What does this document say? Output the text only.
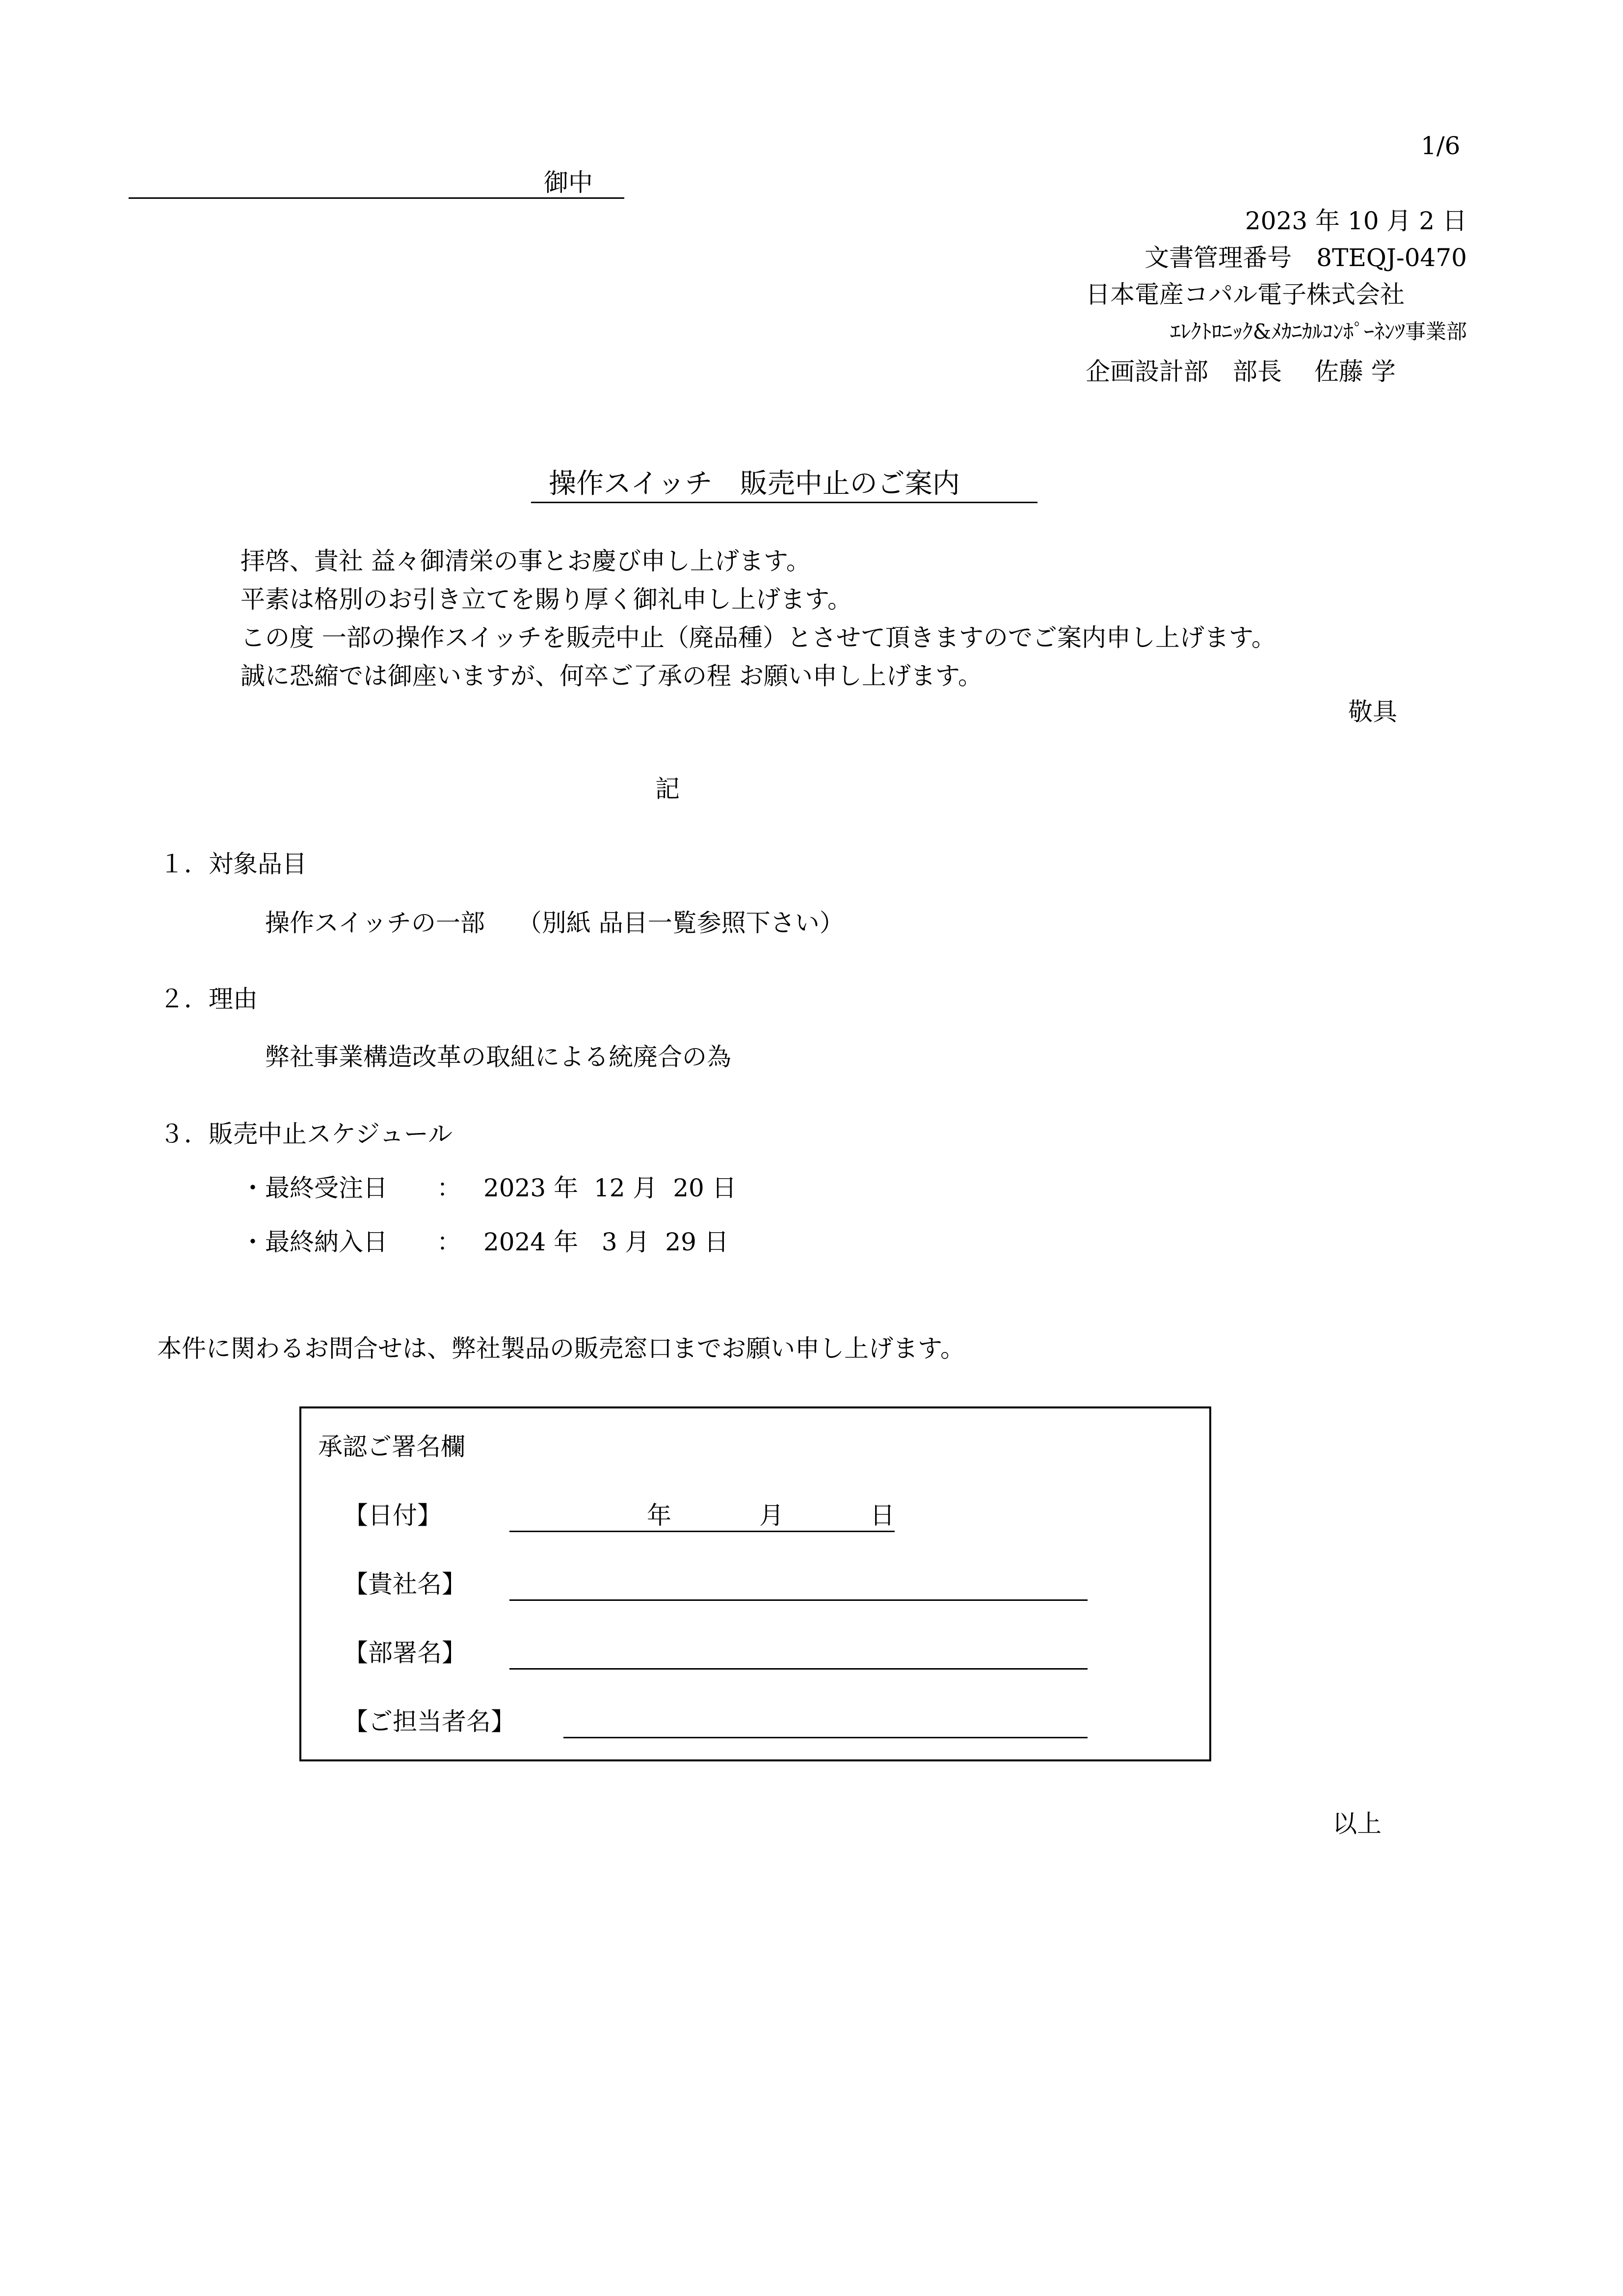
1/6
御中
2023 年 10 月 2 日
文書管理番号　8TEQJ-0470
日本電産コパル電子株式会社
ｴﾚｸﾄﾛﾆｯｸ&ﾒｶﾆｶﾙｺﾝﾎﾟｰﾈﾝﾂ事業部
企画設計部　部長　 佐藤 学
操作スイッチ　販売中止のご案内
拝啓、貴社 益々御清栄の事とお慶び申し上げます。
平素は格別のお引き立てを賜り厚く御礼申し上げます。
この度 一部の操作スイッチを販売中止（廃品種）とさせて頂きますのでご案内申し上げます。
誠に恐縮では御座いますが、何卒ご了承の程 お願い申し上げます。
敬具
記
１．対象品目
操作スイッチの一部　 （別紙 品目一覧参照下さい）
２．理由
弊社事業構造改革の取組による統廃合の為
３．販売中止スケジュール
・最終受注日 ： 2023 年  12 月  20 日
・最終納入日 ： 2024 年   3 月  29 日
本件に関わるお問合せは、弊社製品の販売窓口までお願い申し上げます。
承認ご署名欄
【日付】	年	月	日
【貴社名】
【部署名】
【ご担当者名】
以上
